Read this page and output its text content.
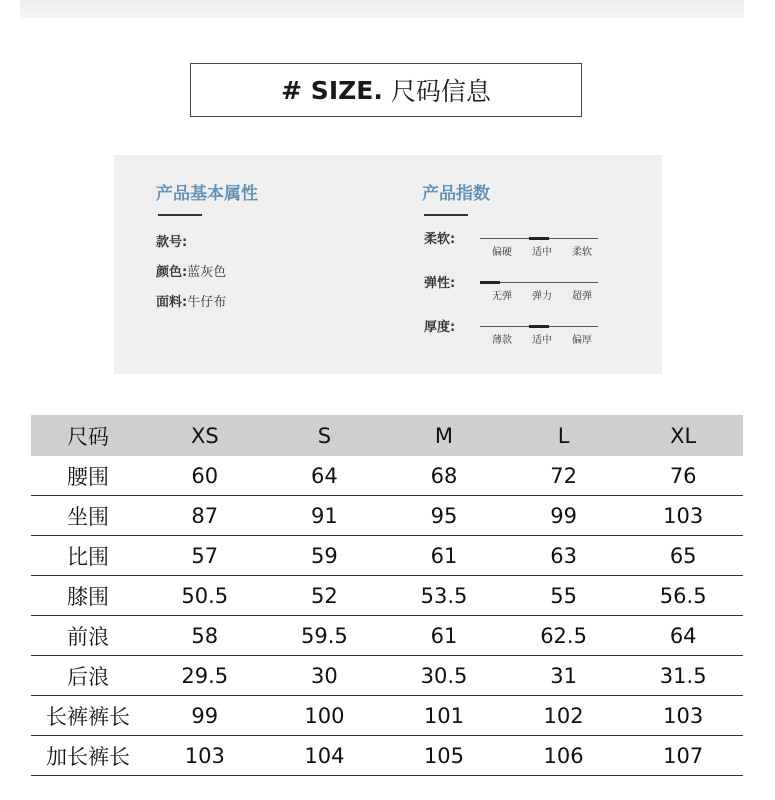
# SIZE. 尺码信息
产品基本属性
款号:
颜色:蓝灰色
面料:牛仔布
产品指数
柔软:
偏硬	适中	柔软
弹性:
无弹	弹力	超弹
厚度:
薄款	适中	偏厚
尺码	XS	S	M	L	XL
腰围	60	64	68	72	76
坐围	87	91	95	99	103
比围	57	59	61	63	65
膝围	50.5	52	53.5	55	56.5
前浪	58	59.5	61	62.5	64
后浪	29.5	30	30.5	31	31.5
长裤裤长	99	100	101	102	103
加长裤长	103	104	105	106	107
